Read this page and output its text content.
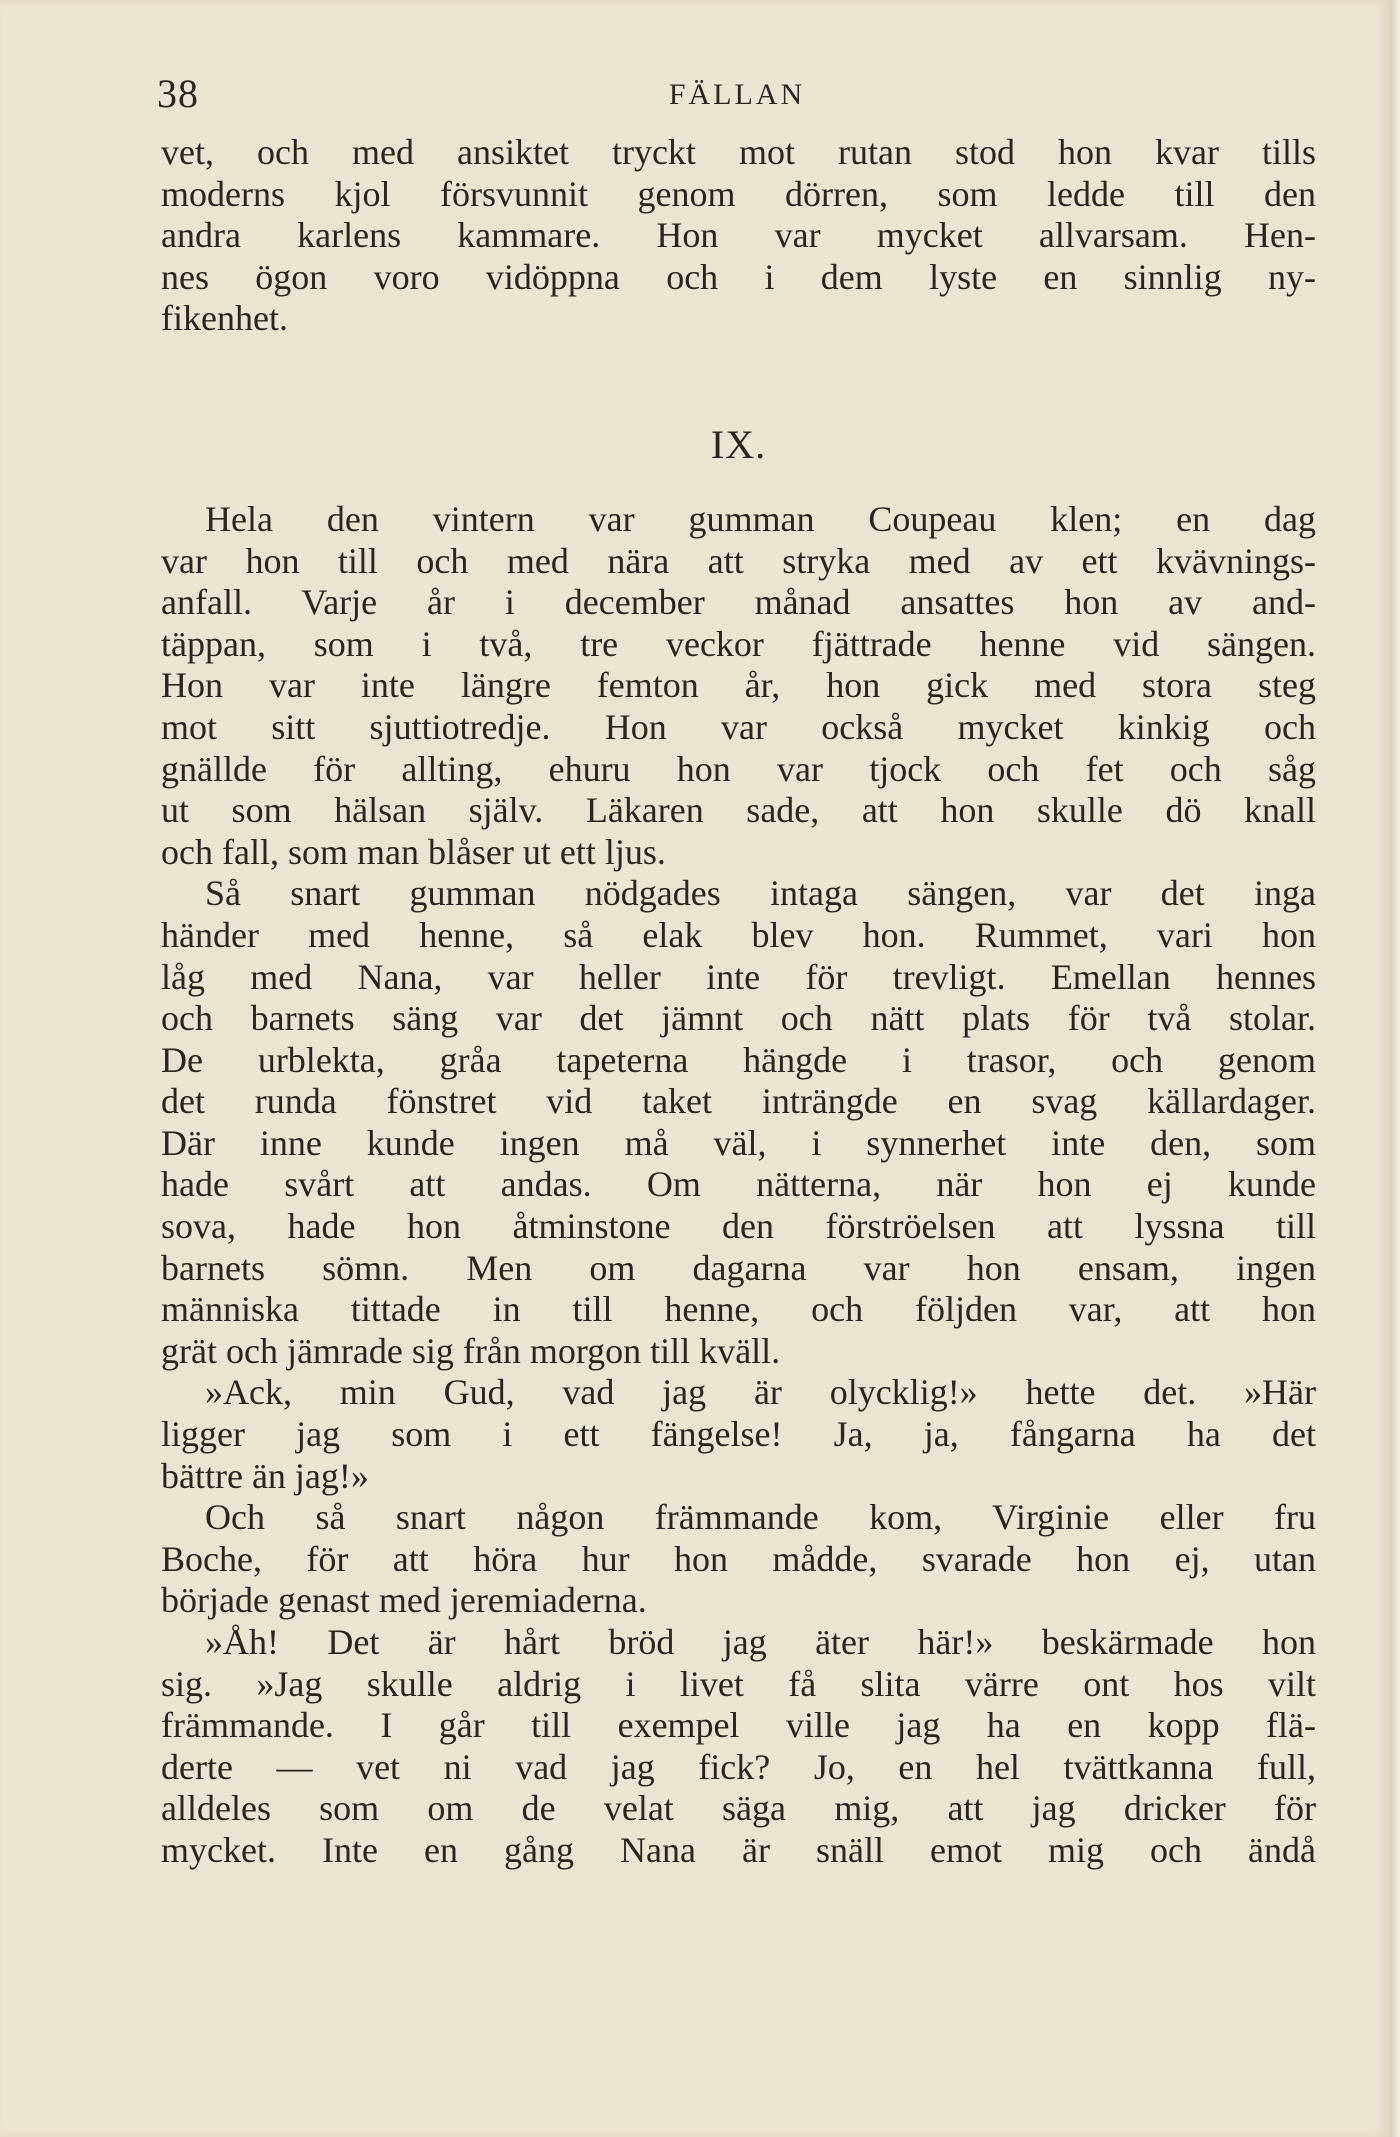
38	FÄLLAN
vet, och med ansiktet tryckt mot rutan stod hon kvar tills
moderns kjol försvunnit genom dörren, som ledde till den
andra karlens kammare. Hon var mycket allvarsam. Hen-
nes ögon voro vidöppna och i dem lyste en sinnlig ny-
fikenhet.
IX.
Hela den vintern var gumman Coupeau klen; en dag
var hon till och med nära att stryka med av ett kvävnings-
anfall. Varje år i december månad ansattes hon av and-
täppan, som i två, tre veckor fjättrade henne vid sängen.
Hon var inte längre femton år, hon gick med stora steg
mot sitt sjuttiotredje. Hon var också mycket kinkig och
gnällde för allting, ehuru hon var tjock och fet och såg
ut som hälsan själv. Läkaren sade, att hon skulle dö knall
och fall, som man blåser ut ett ljus.
Så snart gumman nödgades intaga sängen, var det inga
händer med henne, så elak blev hon. Rummet, vari hon
låg med Nana, var heller inte för trevligt. Emellan hennes
och barnets säng var det jämnt och nätt plats för två stolar.
De urblekta, gråa tapeterna hängde i trasor, och genom
det runda fönstret vid taket inträngde en svag källardager.
Där inne kunde ingen må väl, i synnerhet inte den, som
hade svårt att andas. Om nätterna, när hon ej kunde
sova, hade hon åtminstone den förströelsen att lyssna till
barnets sömn. Men om dagarna var hon ensam, ingen
människa tittade in till henne, och följden var, att hon
grät och jämrade sig från morgon till kväll.
»Ack, min Gud, vad jag är olycklig!» hette det. »Här
ligger jag som i ett fängelse! Ja, ja, fångarna ha det
bättre än jag!»
Och så snart någon främmande kom, Virginie eller fru
Boche, för att höra hur hon mådde, svarade hon ej, utan
började genast med jeremiaderna.
»Åh! Det är hårt bröd jag äter här!» beskärmade hon
sig. »Jag skulle aldrig i livet få slita värre ont hos vilt
främmande. I går till exempel ville jag ha en kopp flä-
derte — vet ni vad jag fick? Jo, en hel tvättkanna full,
alldeles som om de velat säga mig, att jag dricker för
mycket. Inte en gång Nana är snäll emot mig och ändå
